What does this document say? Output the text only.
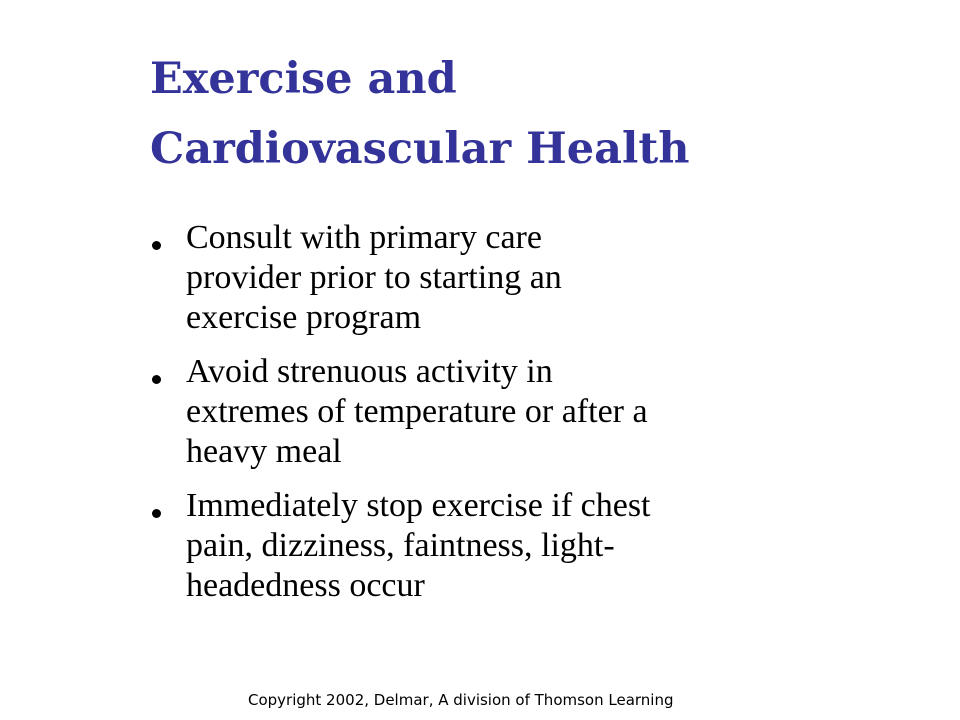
Exercise and
Cardiovascular Health
Consult with primary care
provider prior to starting an
exercise program
Avoid strenuous activity in
extremes of temperature or after a
heavy meal
Immediately stop exercise if chest
pain, dizziness, faintness, light-
headedness occur
Copyright 2002, Delmar, A division of Thomson Learning
